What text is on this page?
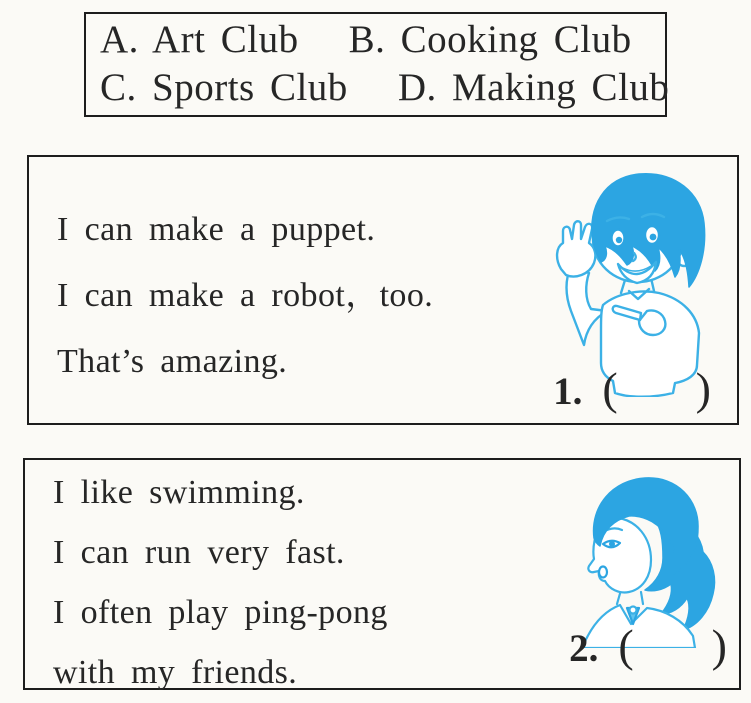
A. Art Club B. Cooking Club
C. Sports Club D. Making Club

I can make a puppet.

I can make a robot，too.

That’s amazing.

1. ( )

I like swimming.

I can run very fast.

I often play ping-pong

with my friends.

2. ( )
